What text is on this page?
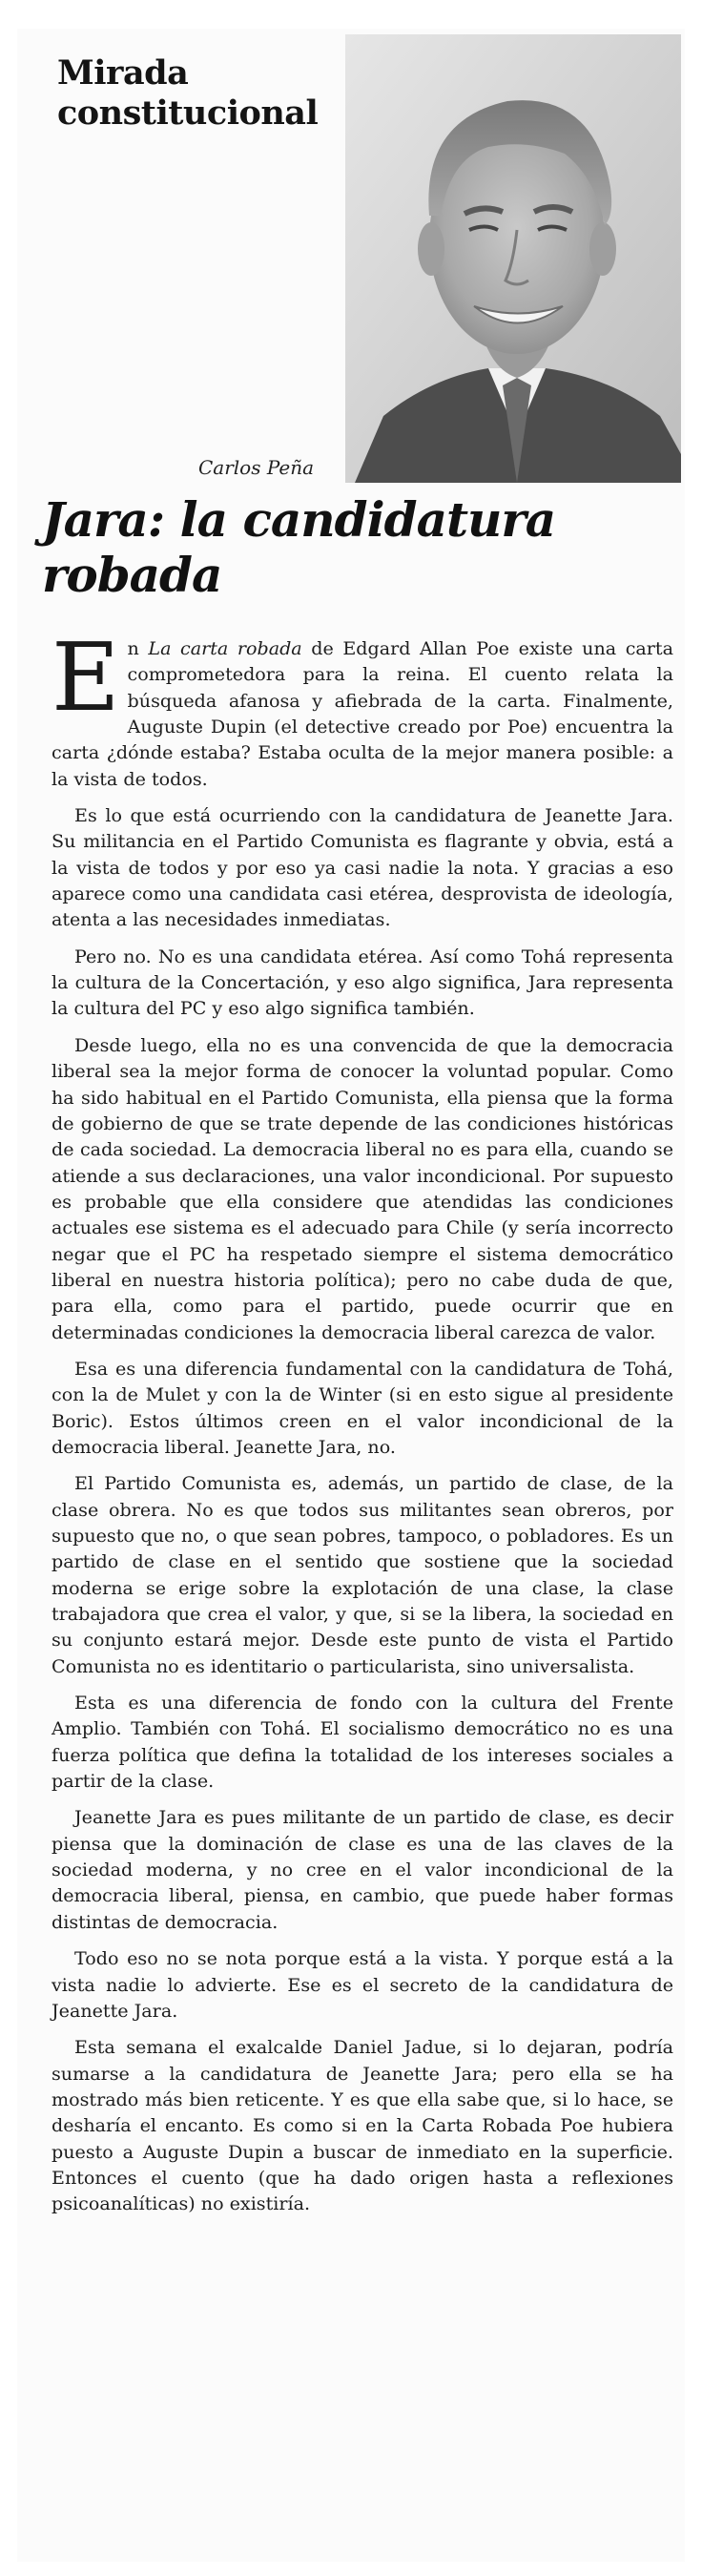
Mirada
constitucional
Carlos Peña
Jara: la candidatura robada

En La carta robada de Edgard Allan Poe existe una carta comprometedora para la reina. El cuento relata la búsqueda afanosa y afiebrada de la carta. Finalmente, Auguste Dupin (el detective creado por Poe) encuentra la carta ¿dónde estaba? Estaba oculta de la mejor manera posible: a la vista de todos.

Es lo que está ocurriendo con la candidatura de Jeanette Jara. Su militancia en el Partido Comunista es flagrante y obvia, está a la vista de todos y por eso ya casi nadie la nota. Y gracias a eso aparece como una candidata casi etérea, desprovista de ideología, atenta a las necesidades inmediatas.

Pero no. No es una candidata etérea. Así como Tohá representa la cultura de la Concertación, y eso algo significa, Jara representa la cultura del PC y eso algo significa también.

Desde luego, ella no es una convencida de que la democracia liberal sea la mejor forma de conocer la voluntad popular. Como ha sido habitual en el Partido Comunista, ella piensa que la forma de gobierno de que se trate depende de las condiciones históricas de cada sociedad. La democracia liberal no es para ella, cuando se atiende a sus declaraciones, una valor incondicional. Por supuesto es probable que ella considere que atendidas las condiciones actuales ese sistema es el adecuado para Chile (y sería incorrecto negar que el PC ha respetado siempre el sistema democrático liberal en nuestra historia política); pero no cabe duda de que, para ella, como para el partido, puede ocurrir que en determinadas condiciones la democracia liberal carezca de valor.

Esa es una diferencia fundamental con la candidatura de Tohá, con la de Mulet y con la de Winter (si en esto sigue al presidente Boric). Estos últimos creen en el valor incondicional de la democracia liberal. Jeanette Jara, no.

El Partido Comunista es, además, un partido de clase, de la clase obrera. No es que todos sus militantes sean obreros, por supuesto que no, o que sean pobres, tampoco, o pobladores. Es un partido de clase en el sentido que sostiene que la sociedad moderna se erige sobre la explotación de una clase, la clase trabajadora que crea el valor, y que, si se la libera, la sociedad en su conjunto estará mejor. Desde este punto de vista el Partido Comunista no es identitario o particularista, sino universalista.

Esta es una diferencia de fondo con la cultura del Frente Amplio. También con Tohá. El socialismo democrático no es una fuerza política que defina la totalidad de los intereses sociales a partir de la clase.

Jeanette Jara es pues militante de un partido de clase, es decir piensa que la dominación de clase es una de las claves de la sociedad moderna, y no cree en el valor incondicional de la democracia liberal, piensa, en cambio, que puede haber formas distintas de democracia.

Todo eso no se nota porque está a la vista. Y porque está a la vista nadie lo advierte. Ese es el secreto de la candidatura de Jeanette Jara.

Esta semana el exalcalde Daniel Jadue, si lo dejaran, podría sumarse a la candidatura de Jeanette Jara; pero ella se ha mostrado más bien reticente. Y es que ella sabe que, si lo hace, se desharía el encanto. Es como si en la Carta Robada Poe hubiera puesto a Auguste Dupin a buscar de inmediato en la superficie. Entonces el cuento (que ha dado origen hasta a reflexiones psicoanalíticas) no existiría.
